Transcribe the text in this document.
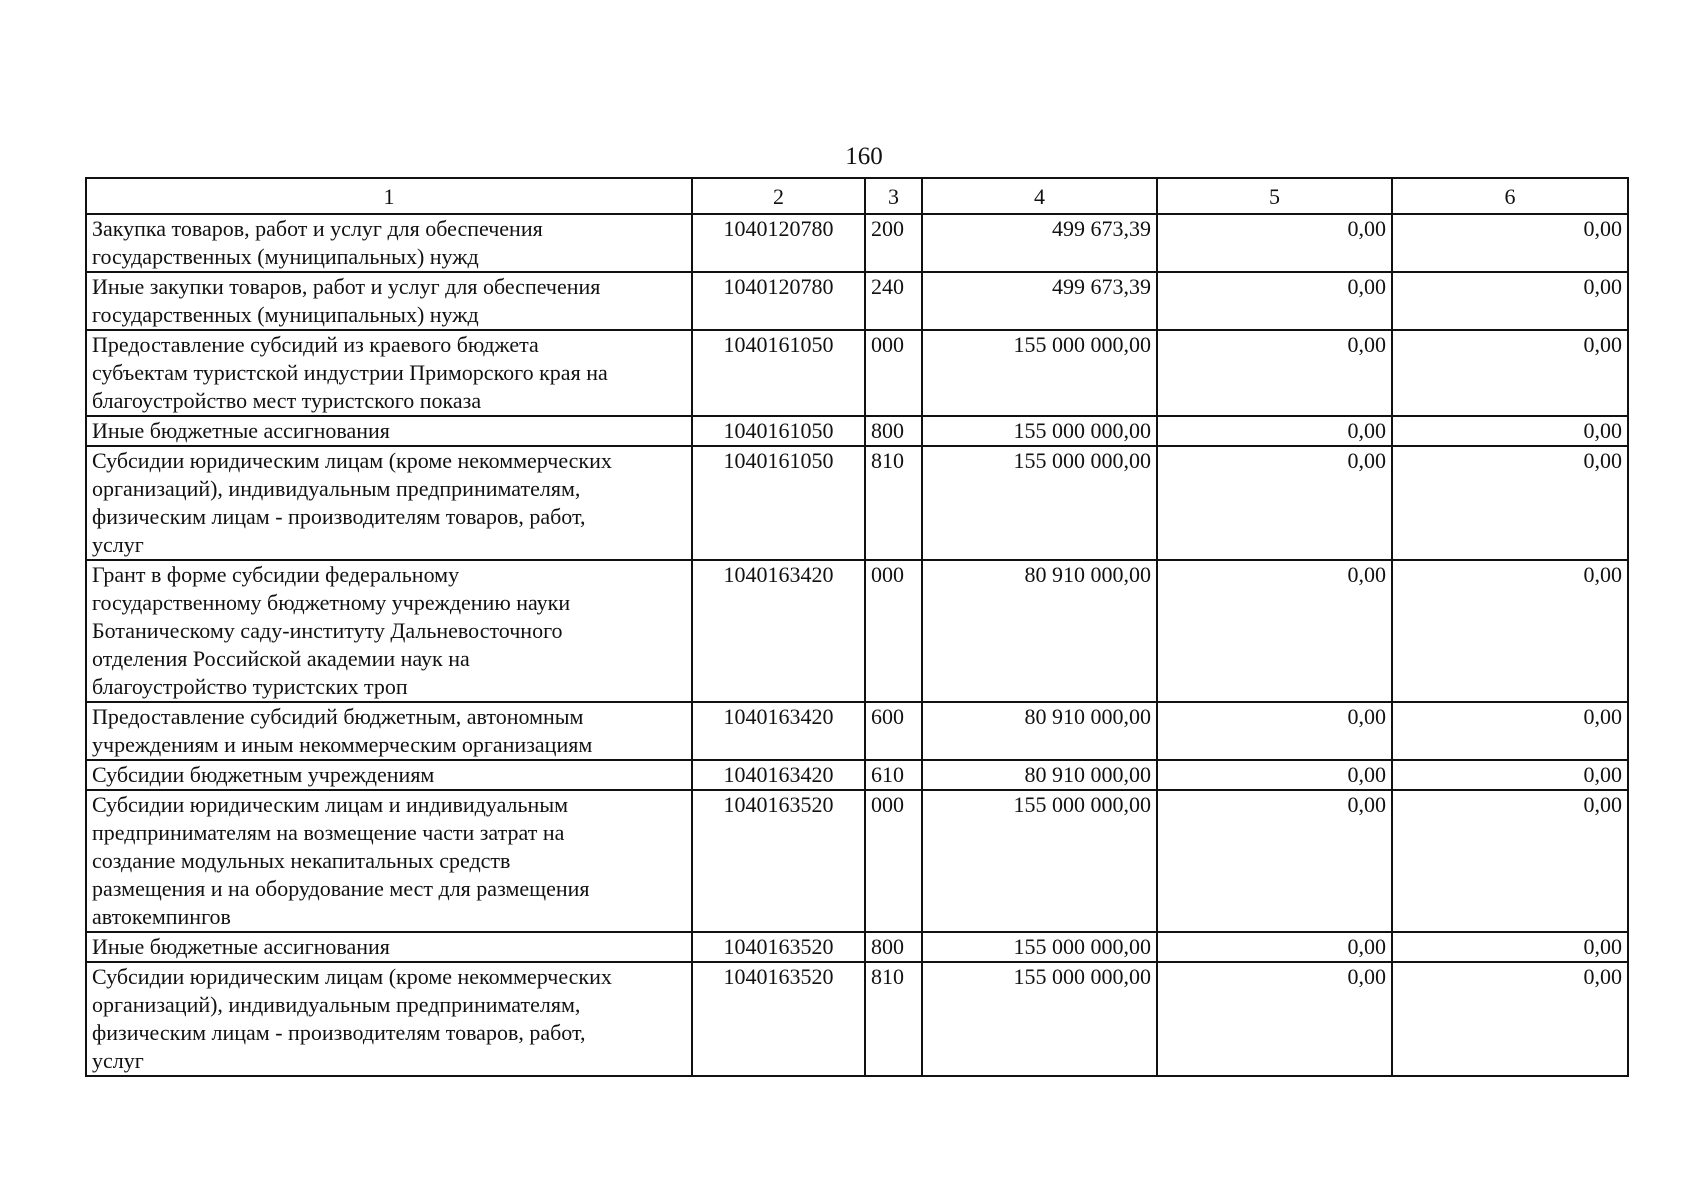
160
1	2	3	4	5	6
Закупка товаров, работ и услуг для обеспечения
государственных (муниципальных) нужд	1040120780	200	499 673,39	0,00	0,00
Иные закупки товаров, работ и услуг для обеспечения
государственных (муниципальных) нужд	1040120780	240	499 673,39	0,00	0,00
Предоставление субсидий из краевого бюджета
субъектам туристской индустрии Приморского края на
благоустройство мест туристского показа	1040161050	000	155 000 000,00	0,00	0,00
Иные бюджетные ассигнования	1040161050	800	155 000 000,00	0,00	0,00
Субсидии юридическим лицам (кроме некоммерческих
организаций), индивидуальным предпринимателям,
физическим лицам - производителям товаров, работ,
услуг	1040161050	810	155 000 000,00	0,00	0,00
Грант в форме субсидии федеральному
государственному бюджетному учреждению науки
Ботаническому саду-институту Дальневосточного
отделения Российской академии наук на
благоустройство туристских троп	1040163420	000	80 910 000,00	0,00	0,00
Предоставление субсидий бюджетным, автономным
учреждениям и иным некоммерческим организациям	1040163420	600	80 910 000,00	0,00	0,00
Субсидии бюджетным учреждениям	1040163420	610	80 910 000,00	0,00	0,00
Субсидии юридическим лицам и индивидуальным
предпринимателям на возмещение части затрат на
создание модульных некапитальных средств
размещения и на оборудование мест для размещения
автокемпингов	1040163520	000	155 000 000,00	0,00	0,00
Иные бюджетные ассигнования	1040163520	800	155 000 000,00	0,00	0,00
Субсидии юридическим лицам (кроме некоммерческих
организаций), индивидуальным предпринимателям,
физическим лицам - производителям товаров, работ,
услуг	1040163520	810	155 000 000,00	0,00	0,00
